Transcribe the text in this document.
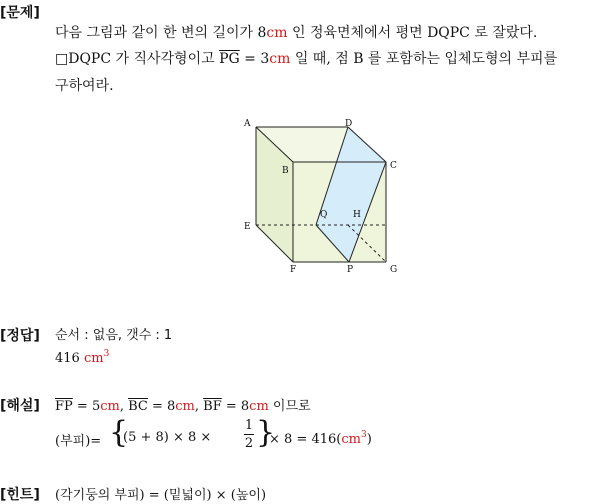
[문제]
다음 그림과 같이 한 변의 길이가 8cm 인 정육면체에서 평면 DQPC 로 잘랐다.
□DQPC 가 직사각형이고 $\overline{PG} = 3cm$ 일 때, 점 B 를 포함하는 입체도형의 부피를
구하여라.
A	D
B	C
E
Q	H
F	P	G
[정답] 순서 : 없음, 갯수 : 1
416 $cm^3$
[해설] $\overline{FP} = 5cm$, $\overline{BC} = 8cm$, $\overline{BF} = 8cm$ 이므로
(부피)= {
(5 + 8) × 8 ×	$\frac{1}{2}$ }
× $8 = 416(cm^3)$
[힌트] (각기둥의 부피) = (밑넓이) × (높이)
